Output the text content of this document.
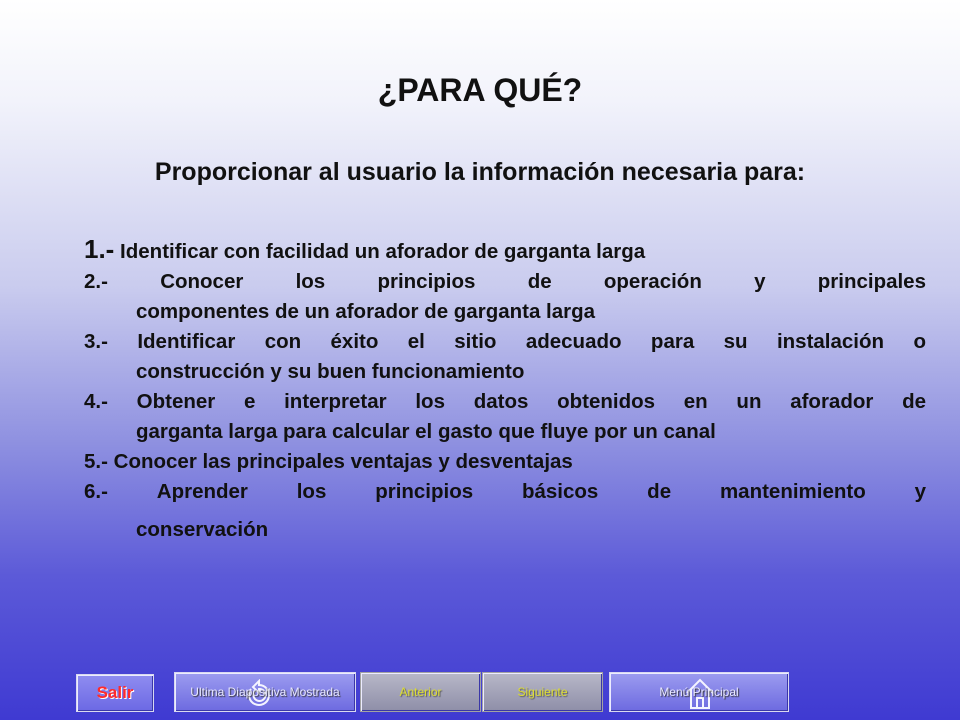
¿PARA QUÉ?
Proporcionar al usuario la información necesaria para:
1.- Identificar con facilidad un aforador de garganta larga
2.-	Conocer	los	principios	de	operación	y	principales
componentes de un aforador de garganta larga
3.- Identificar con éxito el sitio adecuado para su instalación o
construcción y su buen funcionamiento
4.- Obtener e interpretar los datos obtenidos en un aforador de
garganta larga para calcular el gasto que fluye por un canal
5.- Conocer las principales ventajas y desventajas
6.- Aprender los principios básicos de mantenimiento y
conservación
Salir	Ultima Diapositiva Mostrada	Anterior	Siguiente	Menú Principal
